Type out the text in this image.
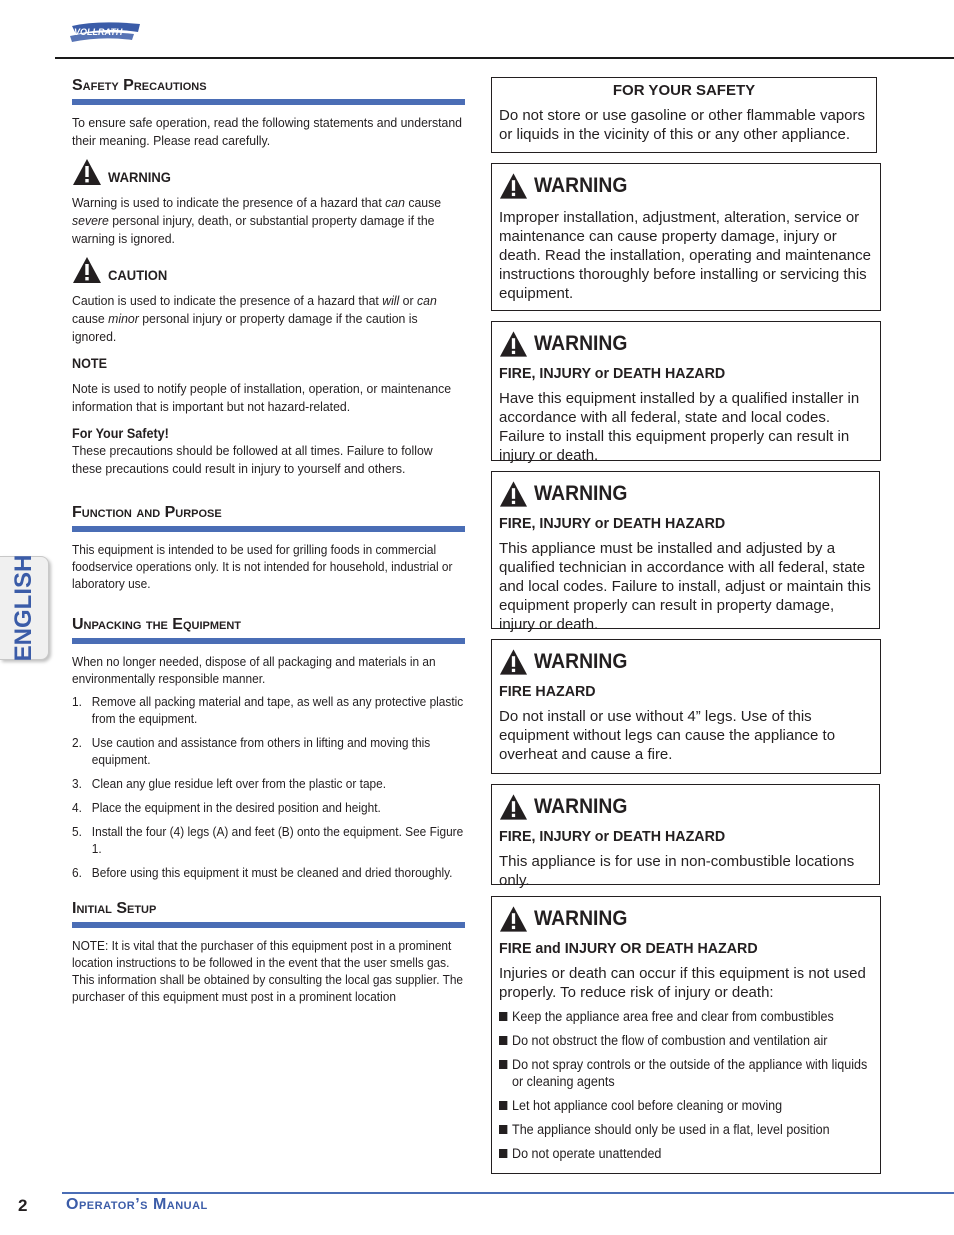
VOLLRATH
ENGLISH
Safety Precautions

To ensure safe operation, read the following statements and understand their meaning. Please read carefully.

WARNING

Warning is used to indicate the presence of a hazard that can cause severe personal injury, death, or substantial property damage if the warning is ignored.

CAUTION

Caution is used to indicate the presence of a hazard that will or can cause minor personal injury or property damage if the caution is ignored.

NOTE

Note is used to notify people of installation, operation, or maintenance information that is important but not hazard-related.

For Your Safety!

These precautions should be followed at all times. Failure to follow these precautions could result in injury to yourself and others.

Function and Purpose

This equipment is intended to be used for grilling foods in commercial foodservice operations only. It is not intended for household, industrial or laboratory use.

Unpacking the Equipment

When no longer needed, dispose of all packaging and materials in an environmentally responsible manner.

1. Remove all packing material and tape, as well as any protective plastic from the equipment.
2. Use caution and assistance from others in lifting and moving this equipment.
3. Clean any glue residue left over from the plastic or tape.
4. Place the equipment in the desired position and height.
5. Install the four (4) legs (A) and feet (B) onto the equipment. See Figure 1.
6. Before using this equipment it must be cleaned and dried thoroughly.
Initial Setup

NOTE: It is vital that the purchaser of this equipment post in a prominent location instructions to be followed in the event that the user smells gas. This information shall be obtained by consulting the local gas supplier. The purchaser of this equipment must post in a prominent location

FOR YOUR SAFETY

Do not store or use gasoline or other flammable vapors or liquids in the vicinity of this or any other appliance.

WARNING

Improper installation, adjustment, alteration, service or maintenance can cause property damage, injury or death. Read the installation, operating and maintenance instructions thoroughly before installing or servicing this equipment.

WARNING

FIRE, INJURY or DEATH HAZARD

Have this equipment installed by a qualified installer in accordance with all federal, state and local codes. Failure to install this equipment properly can result in injury or death.

WARNING

FIRE, INJURY or DEATH HAZARD

This appliance must be installed and adjusted by a qualified technician in accordance with all federal, state and local codes. Failure to install, adjust or maintain this equipment properly can result in property damage, injury or death.

WARNING

FIRE HAZARD

Do not install or use without 4” legs. Use of this equipment without legs can cause the appliance to overheat and cause a fire.

WARNING

FIRE, INJURY or DEATH HAZARD

This appliance is for use in non-combustible locations only.

WARNING

FIRE and INJURY OR DEATH HAZARD

Injuries or death can occur if this equipment is not used properly. To reduce risk of injury or death:

Keep the appliance area free and clear from combustibles
Do not obstruct the flow of combustion and ventilation air
Do not spray controls or the outside of the appliance with liquids or cleaning agents
Let hot appliance cool before cleaning or moving
The appliance should only be used in a flat, level position
Do not operate unattended
2 Operator’s Manual
